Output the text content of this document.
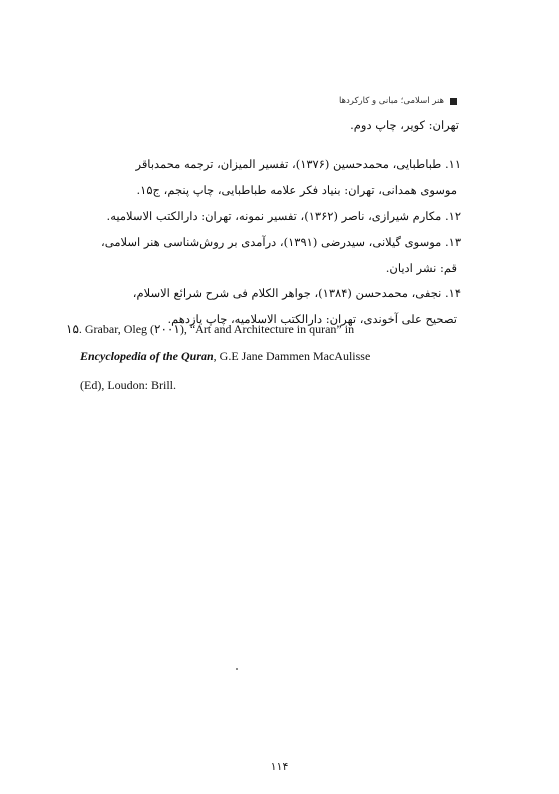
هنر اسلامی؛ مبانی و کارکردها
تهران: کویر، چاپ دوم.
۱۱. طباطبایی، محمدحسین (۱۳۷۶)، تفسیر المیزان، ترجمه محمدباقر
موسوی همدانی، تهران: بنیاد فکر علامه طباطبایی، چاپ پنجم، ج۱۵.
۱۲. مکارم شیرازی، ناصر (۱۳۶۲)، تفسیر نمونه، تهران: دارالکتب الاسلامیه.
۱۳. موسوی گیلانی، سیدرضی (۱۳۹۱)، درآمدی بر روش‌شناسی هنر اسلامی،
قم: نشر ادیان.
۱۴. نجفی، محمدحسن (۱۳۸۴)، جواهر الکلام فی شرح شرائع الاسلام،
تصحیح علی آخوندی، تهران: دارالکتب الاسلامیه، چاپ یازدهم.
۱۵. Grabar, Oleg (۲۰۰۱), “Art and Architecture in quran” in
Encyclopedia of the Quran, G.E Jane Dammen MacAulisse
(Ed), Loudon: Brill.
۱۱۴
